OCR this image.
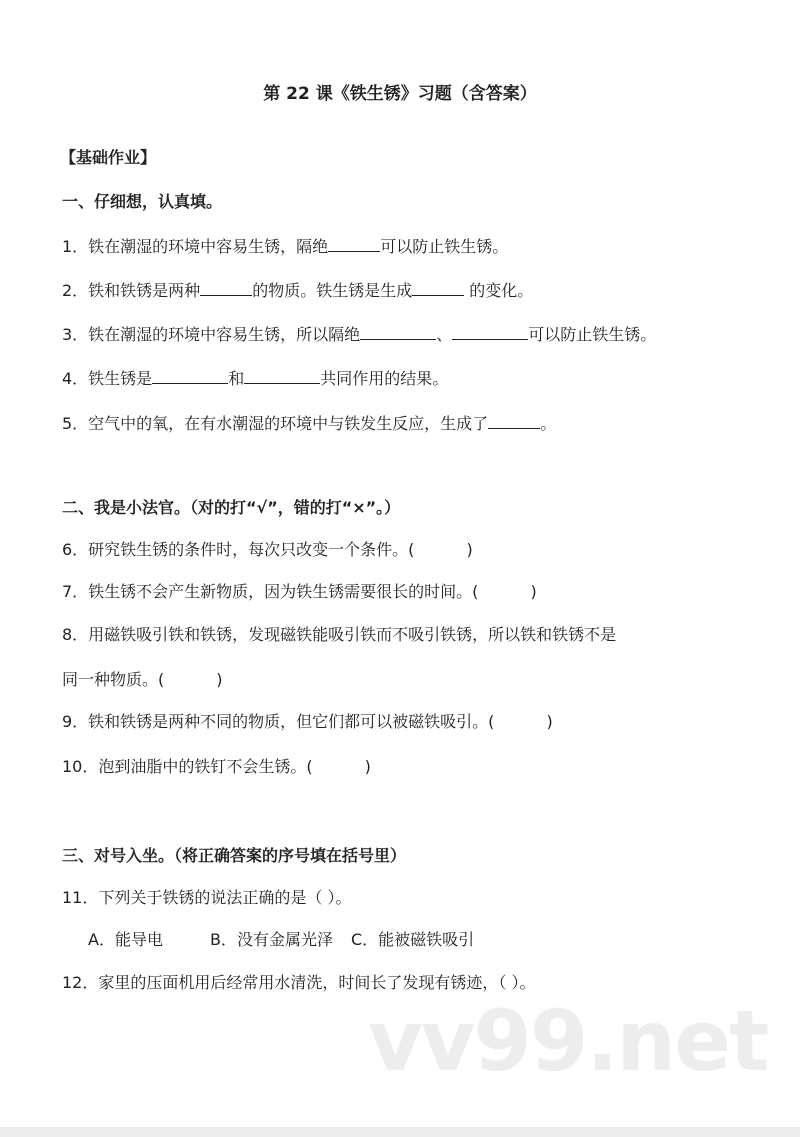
第 22 课《铁生锈》习题（含答案）
【基础作业】
一、仔细想，认真填。
1．铁在潮湿的环境中容易生锈，隔绝	可以防止铁生锈。
2．铁和铁锈是两种	的物质。铁生锈是生成	的变化。
3．铁在潮湿的环境中容易生锈，所以隔绝	、	可以防止铁生锈。
4．铁生锈是	和	共同作用的结果。
5．空气中的氧，在有水潮湿的环境中与铁发生反应，生成了	。
二、我是小法官。（对的打“√”，错的打“×”。）
6．研究铁生锈的条件时，每次只改变一个条件。(	)
7．铁生锈不会产生新物质，因为铁生锈需要很长的时间。(	)
8．用磁铁吸引铁和铁锈，发现磁铁能吸引铁而不吸引铁锈，所以铁和铁锈不是
同一种物质。(	)
9．铁和铁锈是两种不同的物质，但它们都可以被磁铁吸引。(	)
10．泡到油脂中的铁钉不会生锈。(	)
三、对号入坐。（将正确答案的序号填在括号里）
11．下列关于铁锈的说法正确的是（ ）。
A．能导电	B．没有金属光泽 C．能被磁铁吸引
12．家里的压面机用后经常用水清洗，时间长了发现有锈迹，（ ）。
vv99.net
